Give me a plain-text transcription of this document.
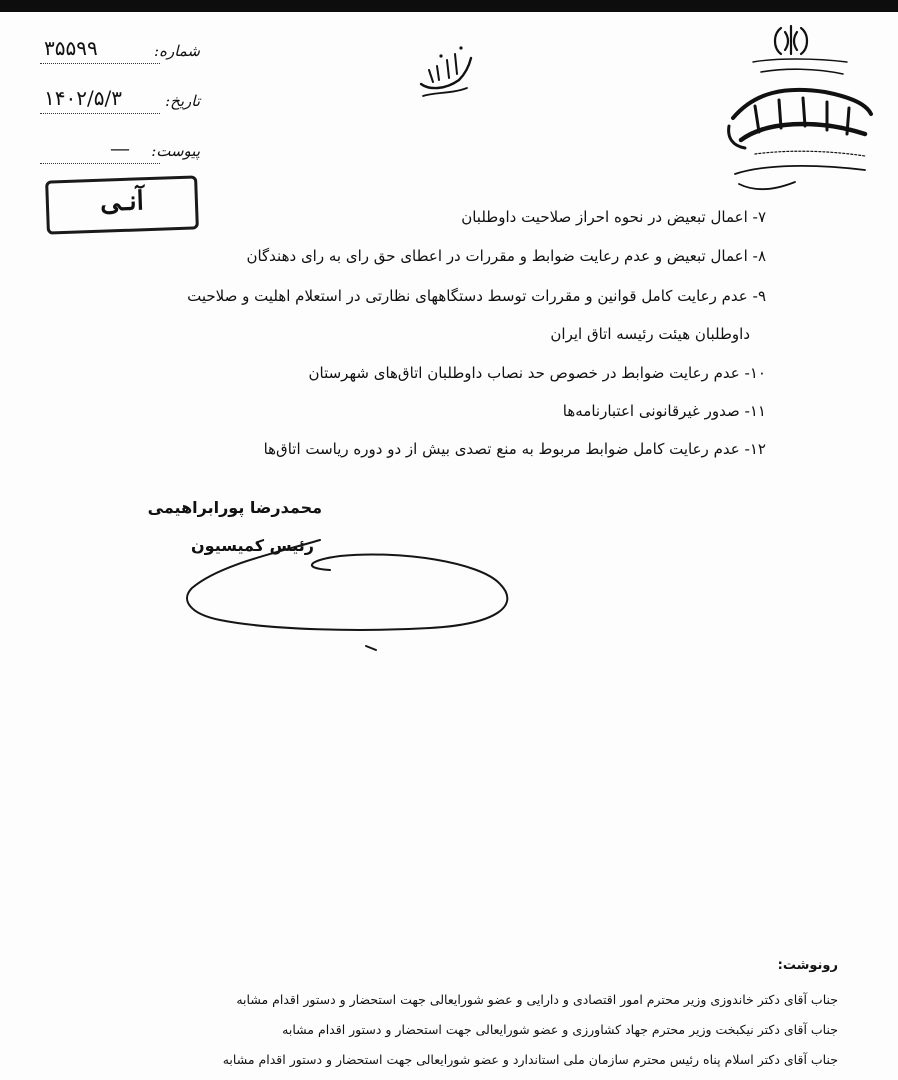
شماره:
۳۵۵۹۹
تاریخ:
۱۴۰۲/۵/۳
پیوست:
—
آنـی	۷- اعمال تبعیض در نحوه احراز صلاحیت داوطلبان
۸- اعمال تبعیض و عدم رعایت ضوابط و مقررات در اعطای حق رای به رای دهندگان
۹- عدم رعایت کامل قوانین و مقررات توسط دستگاههای نظارتی در استعلام اهلیت و صلاحیت
داوطلبان هیئت رئیسه اتاق ایران
۱۰- عدم رعایت ضوابط در خصوص حد نصاب داوطلبان اتاق‌های شهرستان
۱۱- صدور غیرقانونی اعتبارنامه‌ها
۱۲- عدم رعایت کامل ضوابط مربوط به منع تصدی بیش از دو دوره ریاست اتاق‌ها
محمدرضا پورابراهیمی
رئیس کمیسیون
رونوشت:
جناب آقای دکتر خاندوزی وزیر محترم امور اقتصادی و دارایی و عضو شورایعالی جهت استحضار و دستور اقدام مشابه
جناب آقای دکتر نیکبخت وزیر محترم جهاد کشاورزی و عضو شورایعالی جهت استحضار و دستور اقدام مشابه
جناب آقای دکتر اسلام پناه رئیس محترم سازمان ملی استاندارد و عضو شورایعالی جهت استحضار و دستور اقدام مشابه
